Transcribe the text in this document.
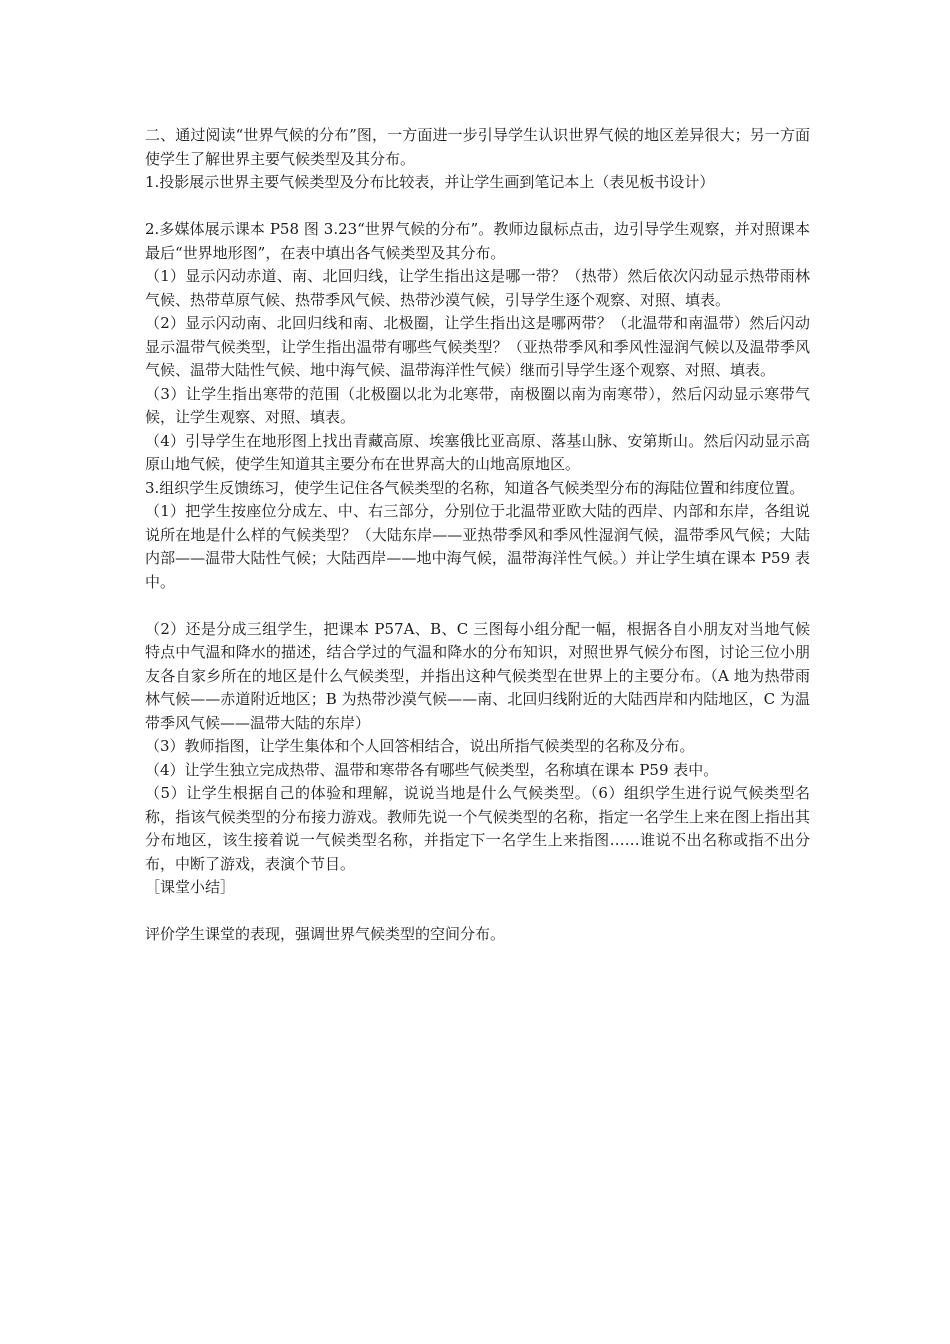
二、通过阅读“世界气候的分布”图，一方面进一步引导学生认识世界气候的地区差异很大；另一方面使学生了解世界主要气候类型及其分布。

1.投影展示世界主要气候类型及分布比较表，并让学生画到笔记本上（表见板书设计）

2.多媒体展示课本 P58 图 3.23“世界气候的分布”。教师边鼠标点击，边引导学生观察，并对照课本最后“世界地形图”，在表中填出各气候类型及其分布。

（1）显示闪动赤道、南、北回归线，让学生指出这是哪一带？（热带）然后依次闪动显示热带雨林气候、热带草原气候、热带季风气候、热带沙漠气候，引导学生逐个观察、对照、填表。

（2）显示闪动南、北回归线和南、北极圈，让学生指出这是哪两带？（北温带和南温带）然后闪动显示温带气候类型，让学生指出温带有哪些气候类型？（亚热带季风和季风性湿润气候以及温带季风气候、温带大陆性气候、地中海气候、温带海洋性气候）继而引导学生逐个观察、对照、填表。

（3）让学生指出寒带的范围（北极圈以北为北寒带，南极圈以南为南寒带），然后闪动显示寒带气候，让学生观察、对照、填表。

（4）引导学生在地形图上找出青藏高原、埃塞俄比亚高原、落基山脉、安第斯山。然后闪动显示高原山地气候，使学生知道其主要分布在世界高大的山地高原地区。

3.组织学生反馈练习，使学生记住各气候类型的名称，知道各气候类型分布的海陆位置和纬度位置。

（1）把学生按座位分成左、中、右三部分，分别位于北温带亚欧大陆的西岸、内部和东岸，各组说说所在地是什么样的气候类型？（大陆东岸——亚热带季风和季风性湿润气候，温带季风气候；大陆内部——温带大陆性气候；大陆西岸——地中海气候，温带海洋性气候。）并让学生填在课本 P59 表中。

（2）还是分成三组学生，把课本 P57A、B、C 三图每小组分配一幅，根据各自小朋友对当地气候特点中气温和降水的描述，结合学过的气温和降水的分布知识，对照世界气候分布图，讨论三位小朋友各自家乡所在的地区是什么气候类型，并指出这种气候类型在世界上的主要分布。（A 地为热带雨林气候——赤道附近地区；B 为热带沙漠气候——南、北回归线附近的大陆西岸和内陆地区，C 为温带季风气候——温带大陆的东岸）

（3）教师指图，让学生集体和个人回答相结合，说出所指气候类型的名称及分布。

（4）让学生独立完成热带、温带和寒带各有哪些气候类型，名称填在课本 P59 表中。

（5）让学生根据自己的体验和理解，说说当地是什么气候类型。（6）组织学生进行说气候类型名称，指该气候类型的分布接力游戏。教师先说一个气候类型的名称，指定一名学生上来在图上指出其分布地区，该生接着说一气候类型名称，并指定下一名学生上来指图……谁说不出名称或指不出分布，中断了游戏，表演个节目。

［课堂小结］

评价学生课堂的表现，强调世界气候类型的空间分布。
